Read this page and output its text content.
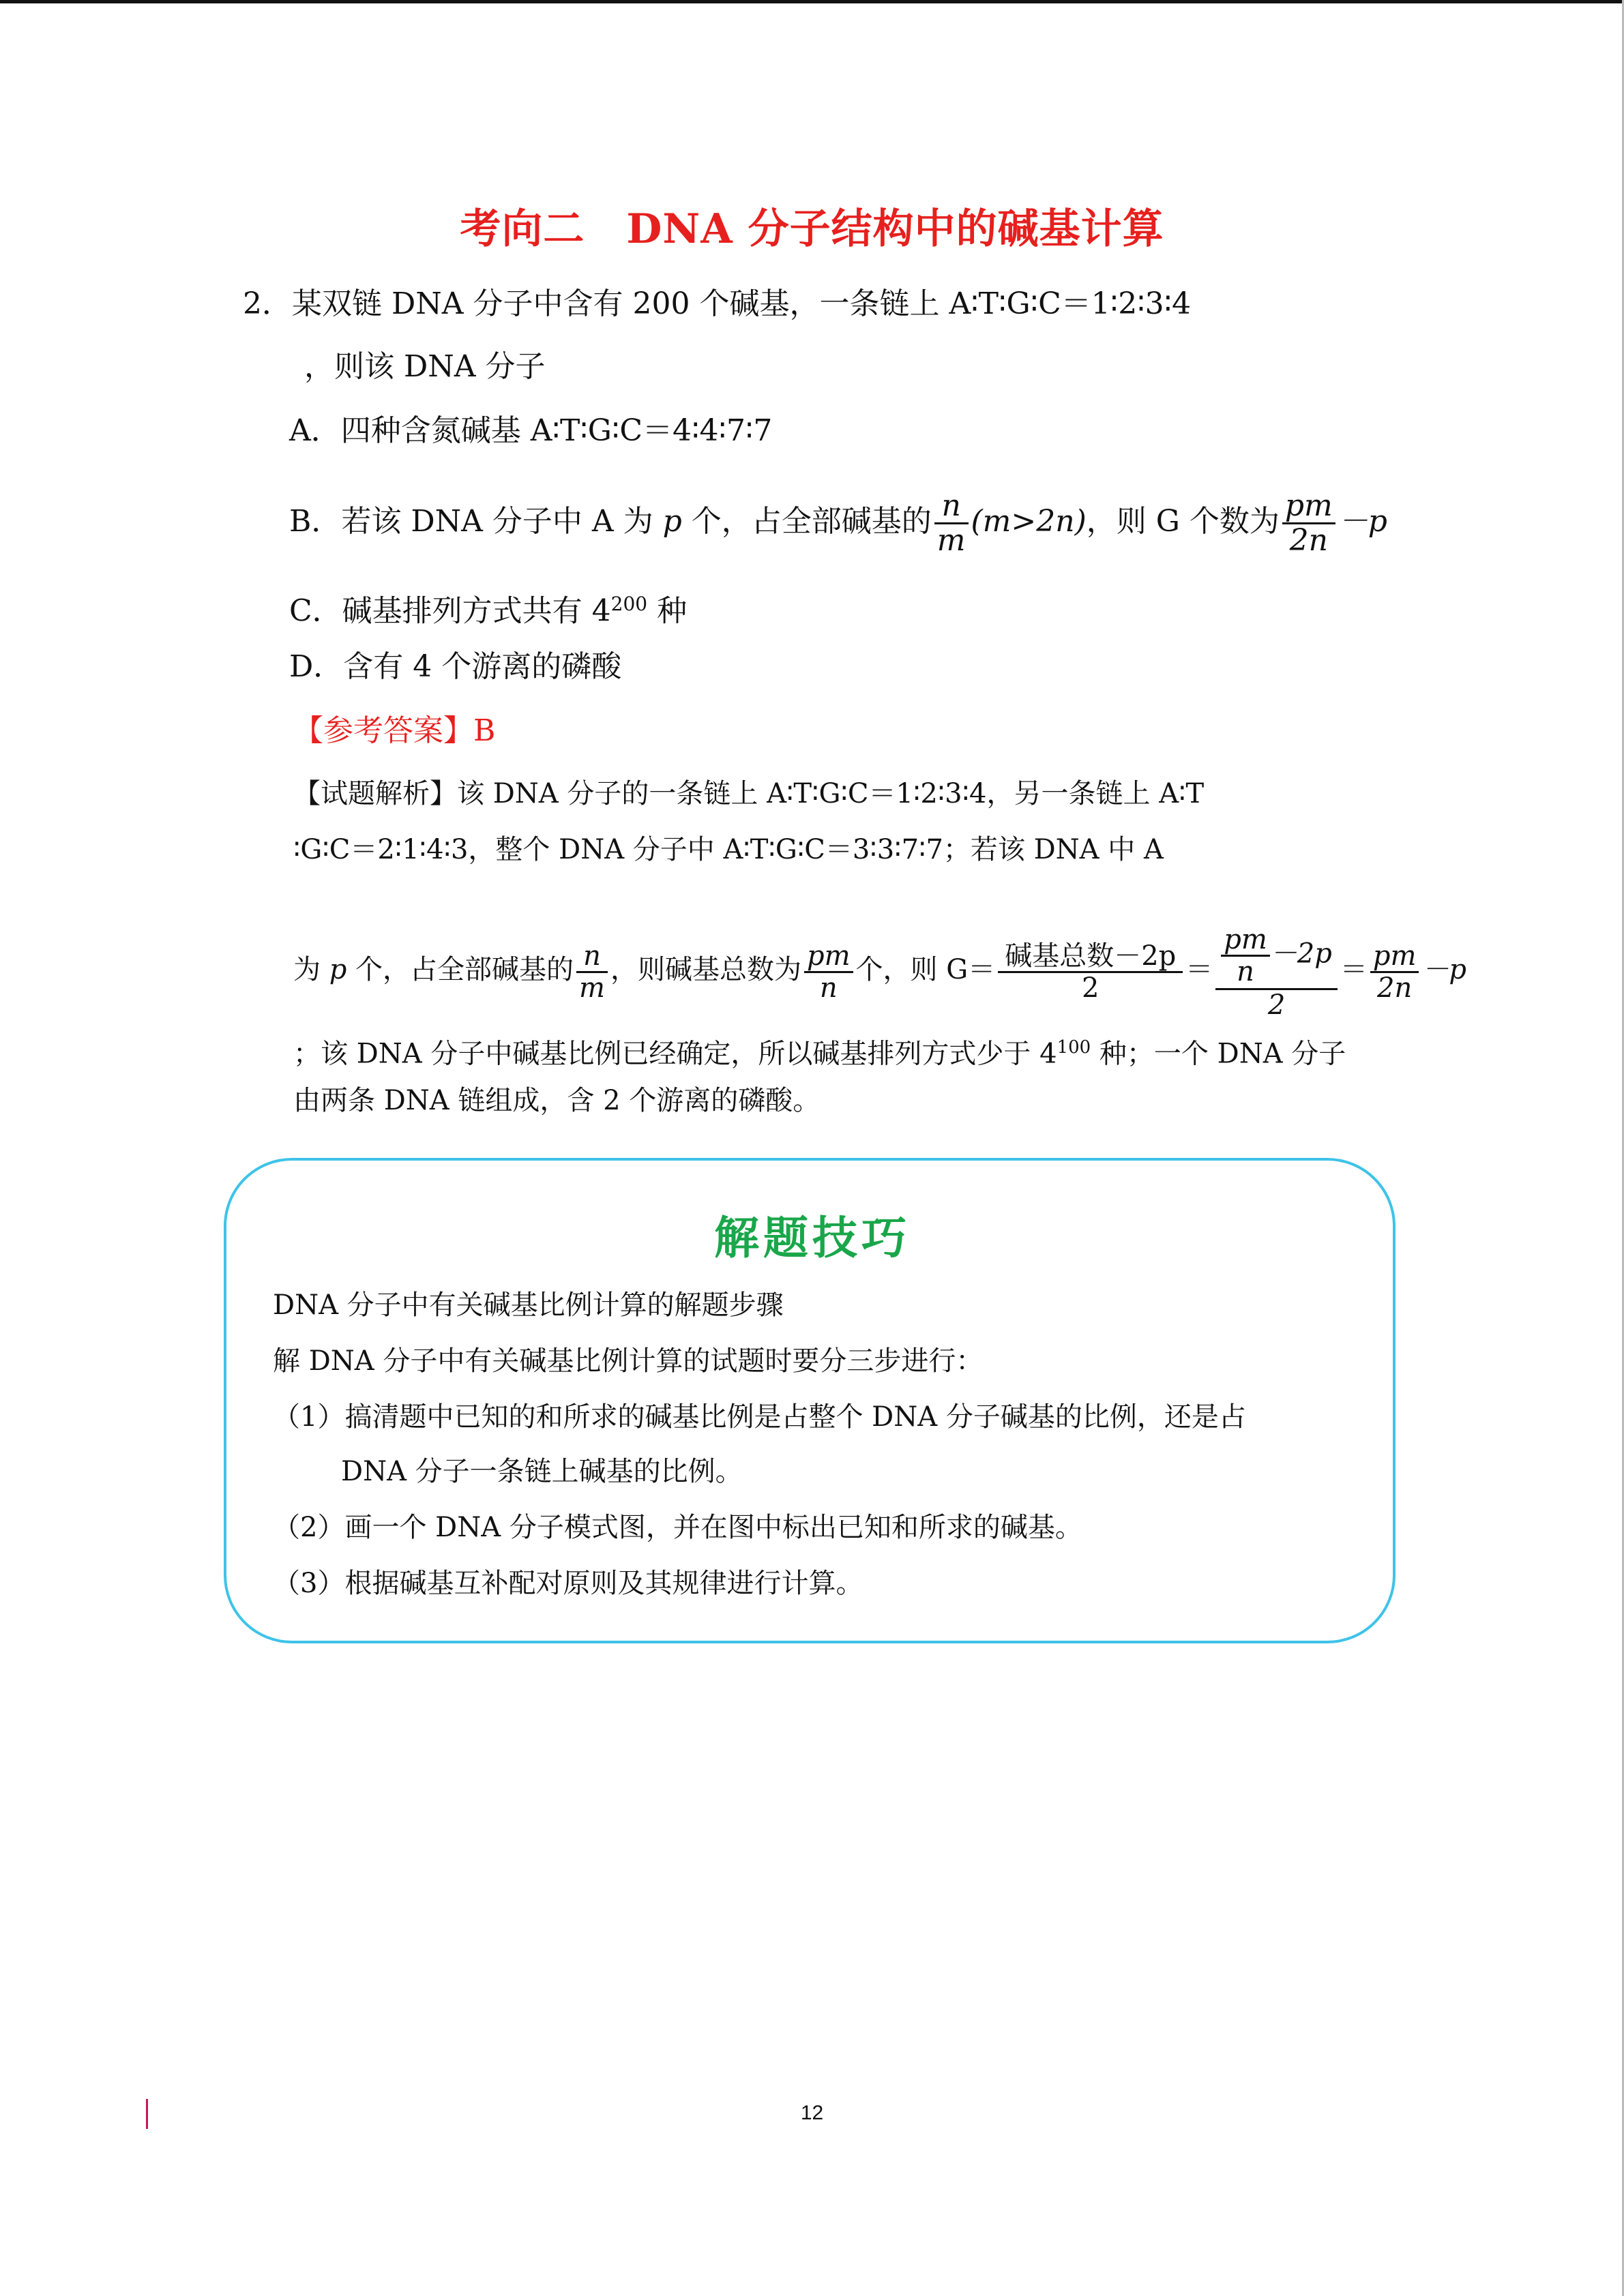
考向二　DNA 分子结构中的碱基计算
2．某双链 DNA 分子中含有 200 个碱基，一条链上 A∶T∶G∶C＝1∶2∶3∶4
，则该 DNA 分子
A．四种含氮碱基 A∶T∶G∶C＝4∶4∶7∶7
B．若该 DNA 分子中 A 为 p 个，占全部碱基的 $\frac{n}{m} (m>2n)$，则 G 个数为 $\frac{pm}{2n} -p$
C．碱基排列方式共有 $4^{200}$ 种
D．含有 4 个游离的磷酸
【参考答案】B
【试题解析】该 DNA 分子的一条链上 A∶T∶G∶C＝1∶2∶3∶4，另一条链上 A∶T
∶G∶C＝2∶1∶4∶3，整个 DNA 分子中 A∶T∶G∶C＝3∶3∶7∶7；若该 DNA 中 A
为 p 个，占全部碱基的 $\frac{n}{m}$ ，则碱基总数为 $\frac{pm}{n}$ 个，则 $G= \frac{\text{碱基总数－2p}}{2} = \frac{\frac{pm}{n} -2p}{2} = \frac{pm}{2n} -p$
；该 DNA 分子中碱基比例已经确定，所以碱基排列方式少于 $4^{100}$ 种；一个 DNA 分子
由两条 DNA 链组成，含 2 个游离的磷酸。
解题技巧
DNA 分子中有关碱基比例计算的解题步骤
解 DNA 分子中有关碱基比例计算的试题时要分三步进行：
（1）搞清题中已知的和所求的碱基比例是占整个 DNA 分子碱基的比例，还是占
DNA 分子一条链上碱基的比例。
（2）画一个 DNA 分子模式图，并在图中标出已知和所求的碱基。
（3）根据碱基互补配对原则及其规律进行计算。
12
